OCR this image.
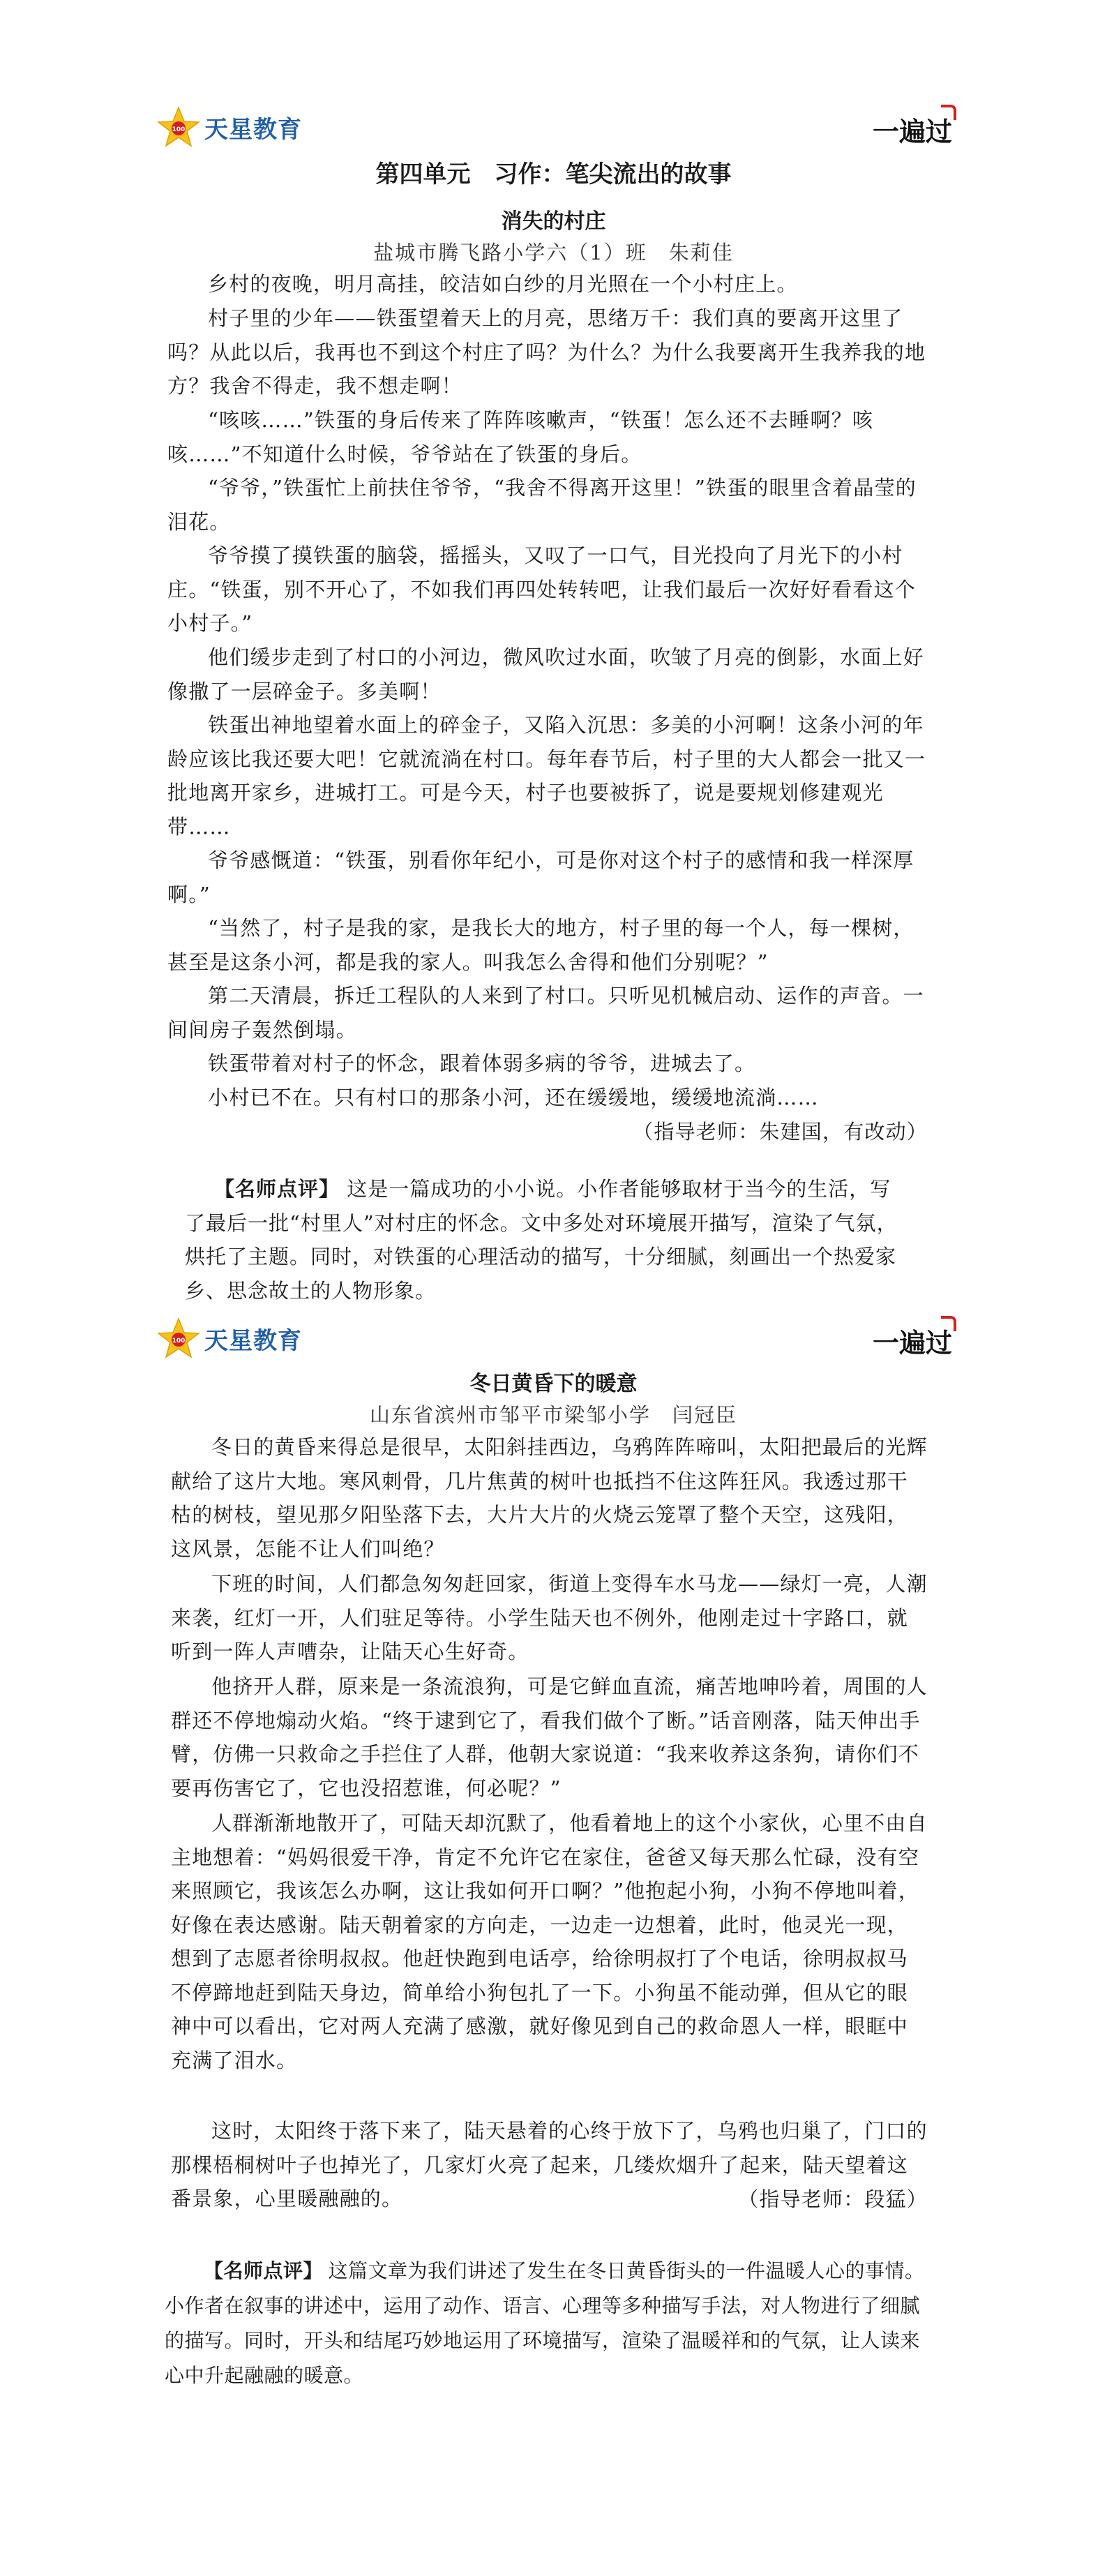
100 天星教育	一遍过
第四单元　习作：笔尖流出的故事
消失的村庄
盐城市腾飞路小学六（1）班　朱莉佳

乡村的夜晚，明月高挂，皎洁如白纱的月光照在一个小村庄上。

村子里的少年——铁蛋望着天上的月亮，思绪万千：我们真的要离开这里了吗？从此以后，我再也不到这个村庄了吗？为什么？为什么我要离开生我养我的地方？我舍不得走，我不想走啊！

“咳咳……”铁蛋的身后传来了阵阵咳嗽声，“铁蛋！怎么还不去睡啊？咳咳……”不知道什么时候，爷爷站在了铁蛋的身后。

“爷爷，”铁蛋忙上前扶住爷爷，“我舍不得离开这里！”铁蛋的眼里含着晶莹的泪花。

爷爷摸了摸铁蛋的脑袋，摇摇头，又叹了一口气，目光投向了月光下的小村庄。“铁蛋，别不开心了，不如我们再四处转转吧，让我们最后一次好好看看这个小村子。”

他们缓步走到了村口的小河边，微风吹过水面，吹皱了月亮的倒影，水面上好像撒了一层碎金子。多美啊！

铁蛋出神地望着水面上的碎金子，又陷入沉思：多美的小河啊！这条小河的年龄应该比我还要大吧！它就流淌在村口。每年春节后，村子里的大人都会一批又一批地离开家乡，进城打工。可是今天，村子也要被拆了，说是要规划修建观光带……

爷爷感慨道：“铁蛋，别看你年纪小，可是你对这个村子的感情和我一样深厚啊。”

“当然了，村子是我的家，是我长大的地方，村子里的每一个人，每一棵树，甚至是这条小河，都是我的家人。叫我怎么舍得和他们分别呢？”

第二天清晨，拆迁工程队的人来到了村口。只听见机械启动、运作的声音。一间间房子轰然倒塌。

铁蛋带着对村子的怀念，跟着体弱多病的爷爷，进城去了。

小村已不在。只有村口的那条小河，还在缓缓地，缓缓地流淌……

（指导老师：朱建国，有改动）

【名师点评】 这是一篇成功的小小说。小作者能够取材于当今的生活，写了最后一批“村里人”对村庄的怀念。文中多处对环境展开描写，渲染了气氛，烘托了主题。同时，对铁蛋的心理活动的描写，十分细腻，刻画出一个热爱家乡、思念故土的人物形象。

100 天星教育	一遍过
冬日黄昏下的暖意
山东省滨州市邹平市梁邹小学　闫冠臣

冬日的黄昏来得总是很早，太阳斜挂西边，乌鸦阵阵啼叫，太阳把最后的光辉献给了这片大地。寒风刺骨，几片焦黄的树叶也抵挡不住这阵狂风。我透过那干枯的树枝，望见那夕阳坠落下去，大片大片的火烧云笼罩了整个天空，这残阳，这风景，怎能不让人们叫绝？

下班的时间，人们都急匆匆赶回家，街道上变得车水马龙——绿灯一亮，人潮来袭，红灯一开，人们驻足等待。小学生陆天也不例外，他刚走过十字路口，就听到一阵人声嘈杂，让陆天心生好奇。

他挤开人群，原来是一条流浪狗，可是它鲜血直流，痛苦地呻吟着，周围的人群还不停地煽动火焰。“终于逮到它了，看我们做个了断。”话音刚落，陆天伸出手臂，仿佛一只救命之手拦住了人群，他朝大家说道：“我来收养这条狗，请你们不要再伤害它了，它也没招惹谁，何必呢？”

人群渐渐地散开了，可陆天却沉默了，他看着地上的这个小家伙，心里不由自主地想着：“妈妈很爱干净，肯定不允许它在家住，爸爸又每天那么忙碌，没有空来照顾它，我该怎么办啊，这让我如何开口啊？”他抱起小狗，小狗不停地叫着，好像在表达感谢。陆天朝着家的方向走，一边走一边想着，此时，他灵光一现，想到了志愿者徐明叔叔。他赶快跑到电话亭，给徐明叔打了个电话，徐明叔叔马不停蹄地赶到陆天身边，简单给小狗包扎了一下。小狗虽不能动弹，但从它的眼神中可以看出，它对两人充满了感激，就好像见到自己的救命恩人一样，眼眶中充满了泪水。

这时，太阳终于落下来了，陆天悬着的心终于放下了，乌鸦也归巢了，门口的那棵梧桐树叶子也掉光了，几家灯火亮了起来，几缕炊烟升了起来，陆天望着这番景象，心里暖融融的。	（指导老师：段猛）

【名师点评】 这篇文章为我们讲述了发生在冬日黄昏街头的一件温暖人心的事情。小作者在叙事的讲述中，运用了动作、语言、心理等多种描写手法，对人物进行了细腻的描写。同时，开头和结尾巧妙地运用了环境描写，渲染了温暖祥和的气氛，让人读来心中升起融融的暖意。
